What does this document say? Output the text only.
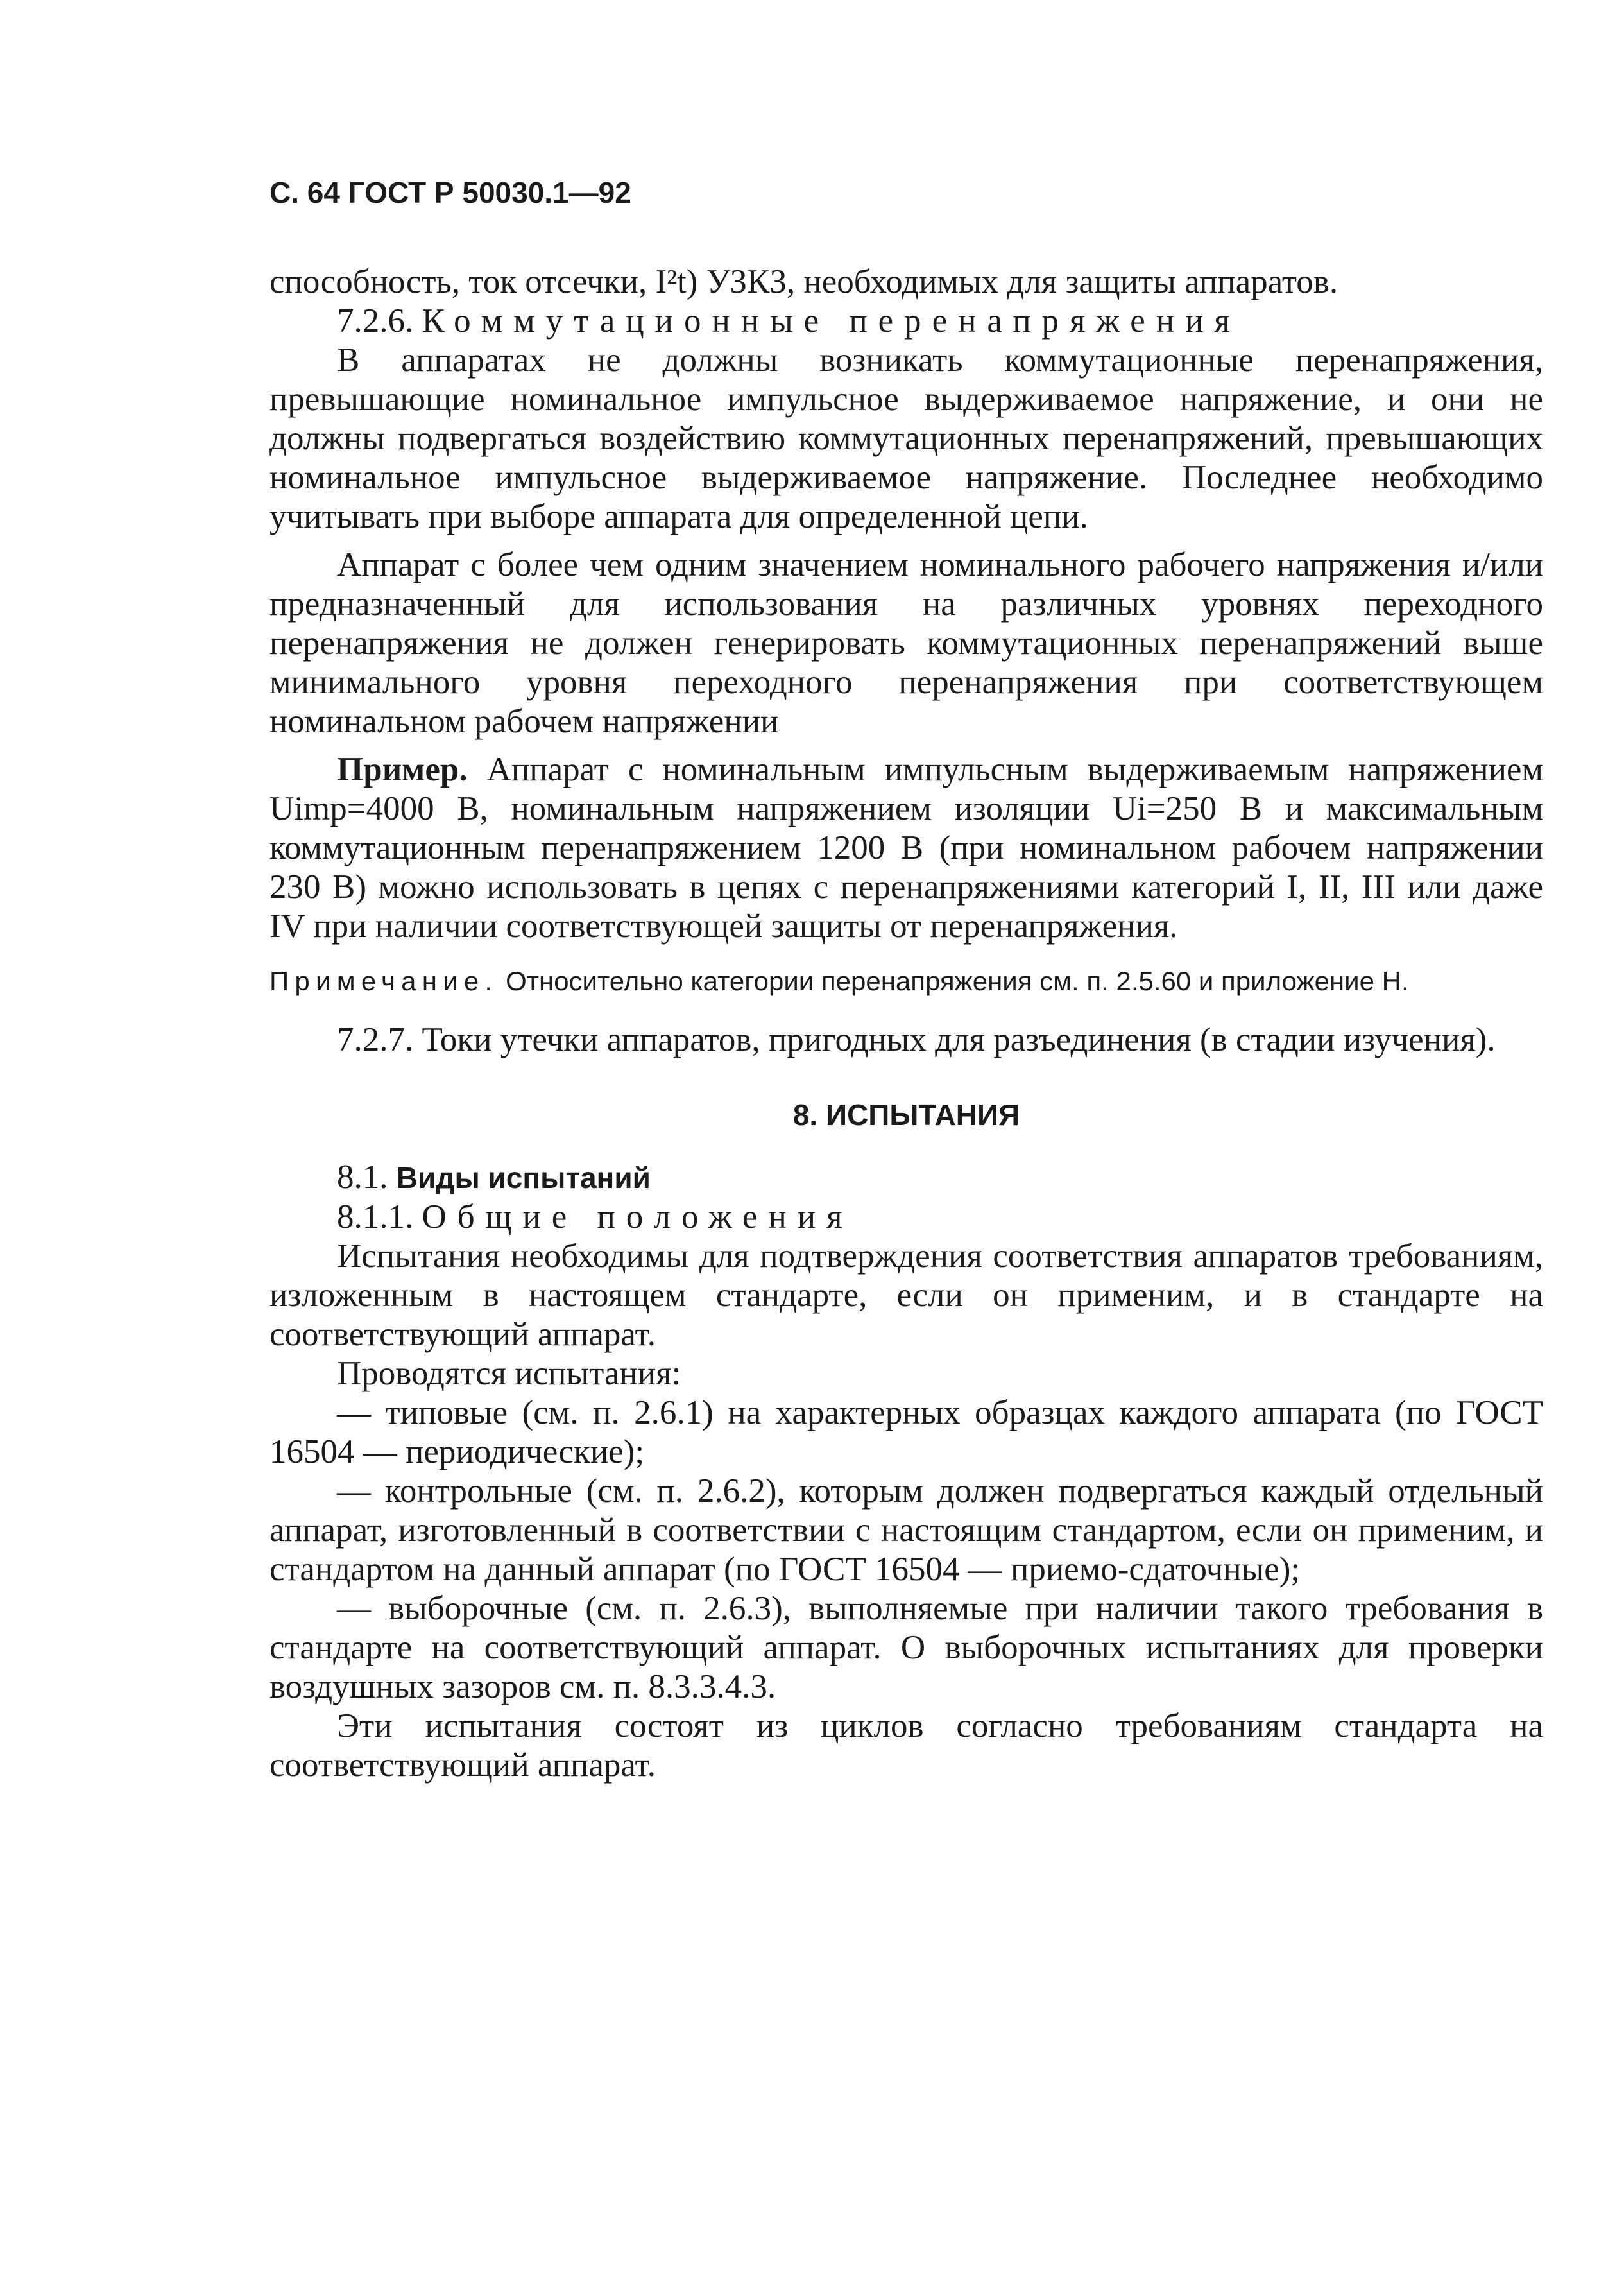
С. 64 ГОСТ Р 50030.1—92

способность, ток отсечки, I²t) УЗКЗ, необходимых для защиты аппаратов.

7.2.6. Коммутационные перенапряжения

В аппаратах не должны возникать коммутационные перенапряжения, превышающие номинальное импульсное выдерживаемое напряжение, и они не должны подвергаться воздействию коммутационных перенапряжений, превышающих номинальное импульсное выдерживаемое напряжение. Последнее необходимо учитывать при выборе аппарата для определенной цепи.

Аппарат с более чем одним значением номинального рабочего напряжения и/или предназначенный для использования на различных уровнях переходного перенапряжения не должен генерировать коммутационных перенапряжений выше минимального уровня переходного перенапряжения при соответствующем номинальном рабочем напряжении

Пример. Аппарат с номинальным импульсным выдерживаемым напряжением Uimp=4000 В, номинальным напряжением изоляции Ui=250 В и максимальным коммутационным перенапряжением 1200 В (при номинальном рабочем напряжении 230 В) можно использовать в цепях с перенапряжениями категорий I, II, III или даже IV при наличии соответствующей защиты от перенапряжения.

Примечание. Относительно категории перенапряжения см. п. 2.5.60 и приложение Н.

7.2.7. Токи утечки аппаратов, пригодных для разъединения (в стадии изучения).

8. ИСПЫТАНИЯ

8.1. Виды испытаний

8.1.1. Общие положения

Испытания необходимы для подтверждения соответствия аппаратов требованиям, изложенным в настоящем стандарте, если он применим, и в стандарте на соответствующий аппарат.

Проводятся испытания:

— типовые (см. п. 2.6.1) на характерных образцах каждого аппарата (по ГОСТ 16504 — периодические);

— контрольные (см. п. 2.6.2), которым должен подвергаться каждый отдельный аппарат, изготовленный в соответствии с настоящим стандартом, если он применим, и стандартом на данный аппарат (по ГОСТ 16504 — приемо-сдаточные);

— выборочные (см. п. 2.6.3), выполняемые при наличии такого требования в стандарте на соответствующий аппарат. О выборочных испытаниях для проверки воздушных зазоров см. п. 8.3.3.4.3.

Эти испытания состоят из циклов согласно требованиям стандарта на соответствующий аппарат.
